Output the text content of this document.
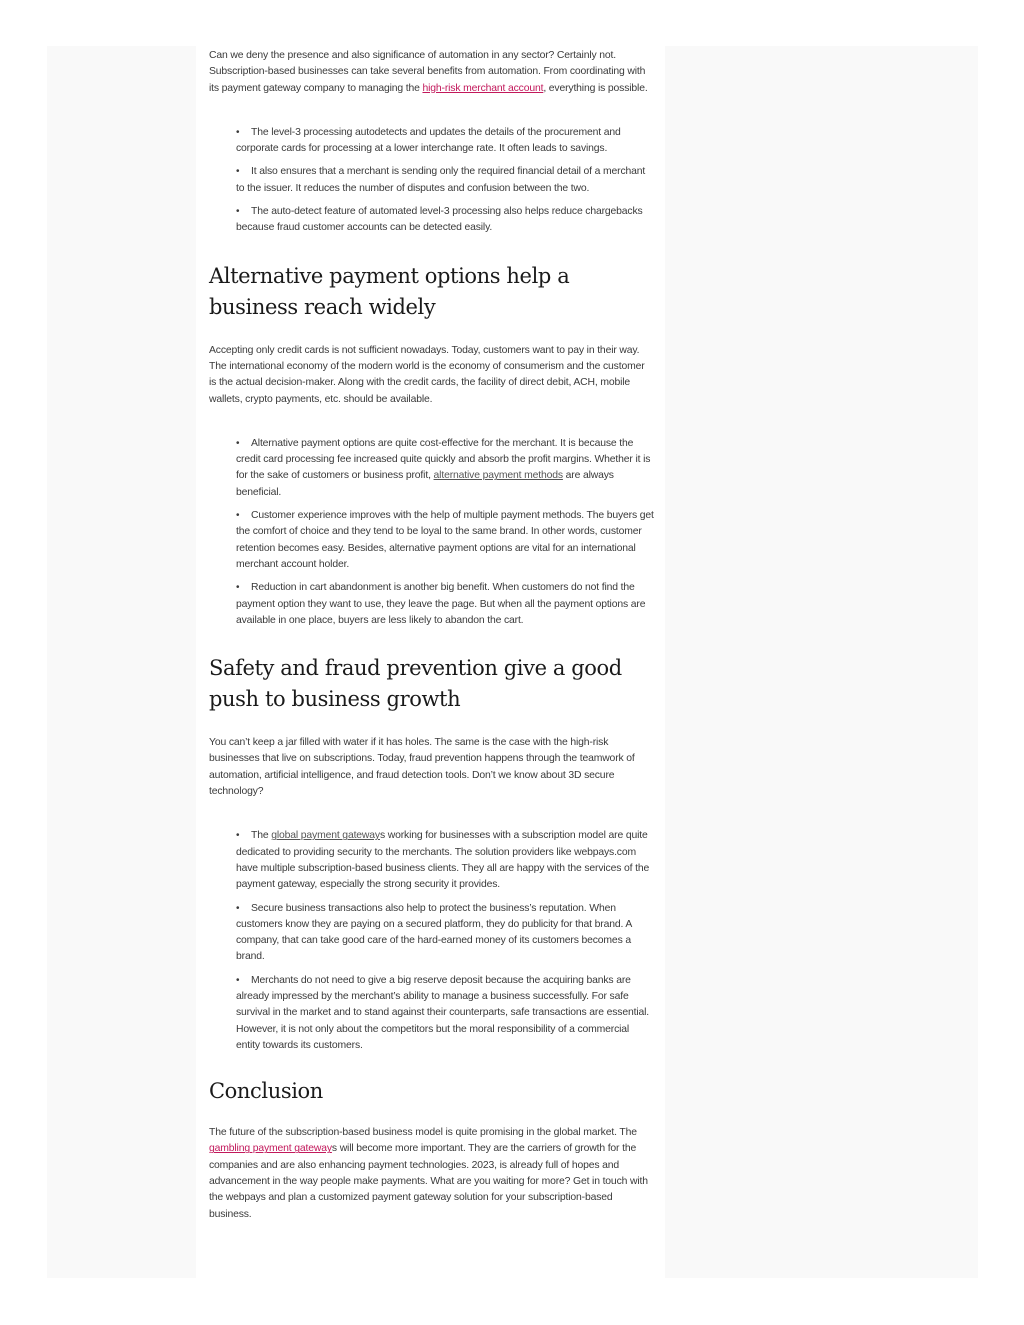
Can we deny the presence and also significance of automation in any sector? Certainly not. Subscription-based businesses can take several benefits from automation. From coordinating with its payment gateway company to managing the high-risk merchant account, everything is possible.

• The level-3 processing autodetects and updates the details of the procurement and corporate cards for processing at a lower interchange rate. It often leads to savings.
• It also ensures that a merchant is sending only the required financial detail of a merchant to the issuer. It reduces the number of disputes and confusion between the two.
• The auto-detect feature of automated level-3 processing also helps reduce chargebacks because fraud customer accounts can be detected easily.
Alternative payment options help a business reach widely

Accepting only credit cards is not sufficient nowadays. Today, customers want to pay in their way. The international economy of the modern world is the economy of consumerism and the customer is the actual decision-maker. Along with the credit cards, the facility of direct debit, ACH, mobile wallets, crypto payments, etc. should be available.

• Alternative payment options are quite cost-effective for the merchant. It is because the credit card processing fee increased quite quickly and absorb the profit margins. Whether it is for the sake of customers or business profit, alternative payment methods are always beneficial.
• Customer experience improves with the help of multiple payment methods. The buyers get the comfort of choice and they tend to be loyal to the same brand. In other words, customer retention becomes easy. Besides, alternative payment options are vital for an international merchant account holder.
• Reduction in cart abandonment is another big benefit. When customers do not find the payment option they want to use, they leave the page. But when all the payment options are available in one place, buyers are less likely to abandon the cart.
Safety and fraud prevention give a good push to business growth

You can’t keep a jar filled with water if it has holes. The same is the case with the high-risk businesses that live on subscriptions. Today, fraud prevention happens through the teamwork of automation, artificial intelligence, and fraud detection tools. Don’t we know about 3D secure technology?

• The global payment gateways working for businesses with a subscription model are quite dedicated to providing security to the merchants. The solution providers like webpays.com have multiple subscription-based business clients. They all are happy with the services of the payment gateway, especially the strong security it provides.
• Secure business transactions also help to protect the business’s reputation. When customers know they are paying on a secured platform, they do publicity for that brand. A company, that can take good care of the hard-earned money of its customers becomes a brand.
• Merchants do not need to give a big reserve deposit because the acquiring banks are already impressed by the merchant’s ability to manage a business successfully. For safe survival in the market and to stand against their counterparts, safe transactions are essential. However, it is not only about the competitors but the moral responsibility of a commercial entity towards its customers.
Conclusion

The future of the subscription-based business model is quite promising in the global market. The gambling payment gateways will become more important. They are the carriers of growth for the companies and are also enhancing payment technologies. 2023, is already full of hopes and advancement in the way people make payments. What are you waiting for more? Get in touch with the webpays and plan a customized payment gateway solution for your subscription-based business.
